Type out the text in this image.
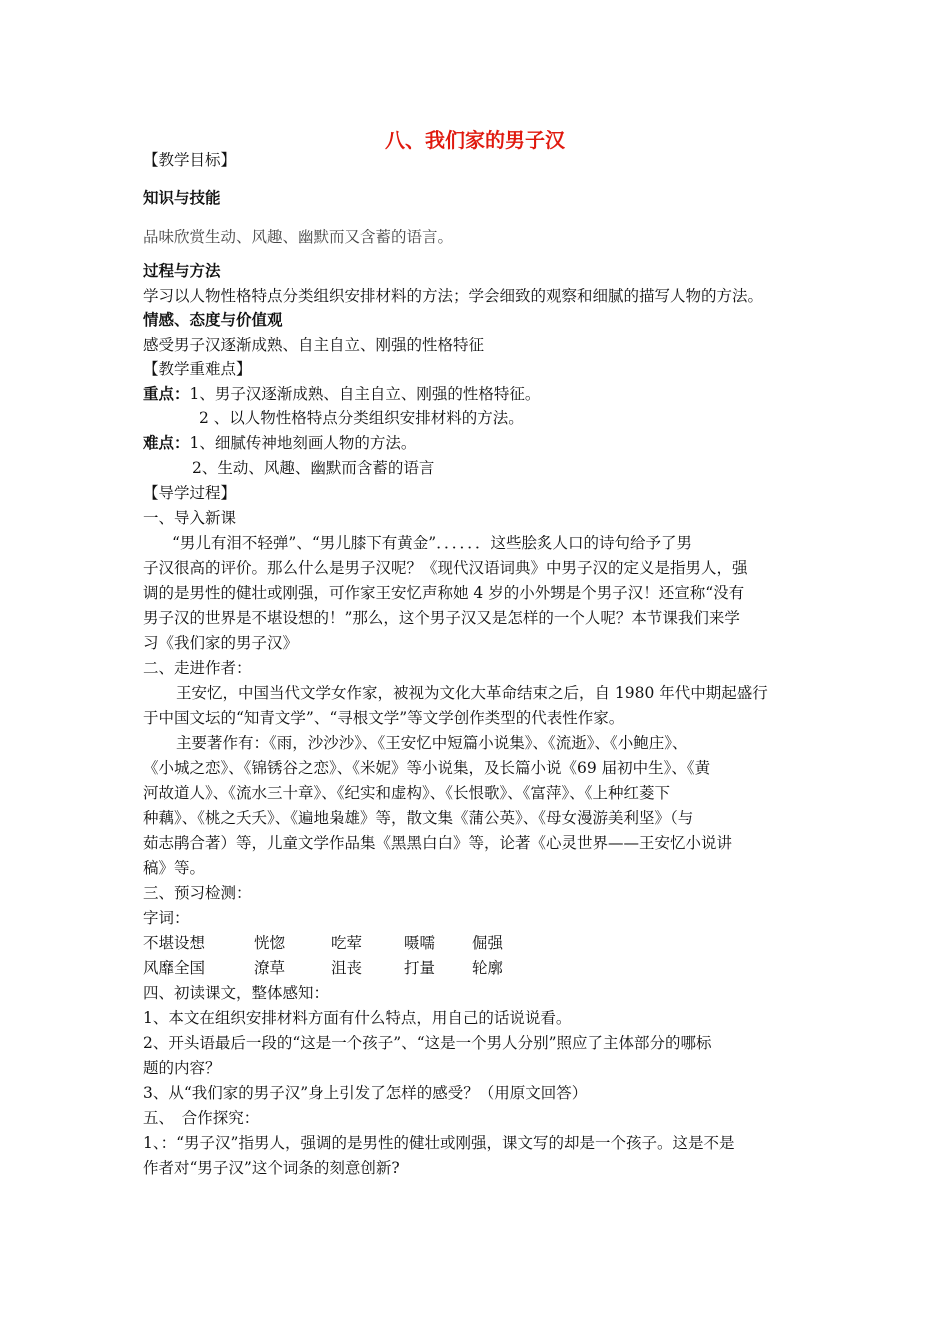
八、我们家的男子汉
【教学目标】
知识与技能
品味欣赏生动、风趣、幽默而又含蓄的语言。
过程与方法
学习以人物性格特点分类组织安排材料的方法；学会细致的观察和细腻的描写人物的方法。
情感、态度与价值观
感受男子汉逐渐成熟、自主自立、刚强的性格特征
【教学重难点】
重点：1、男子汉逐渐成熟、自主自立、刚强的性格特征。
2 、以人物性格特点分类组织安排材料的方法。
难点：1、细腻传神地刻画人物的方法。
2、生动、风趣、幽默而含蓄的语言
【导学过程】
一、导入新课
“男儿有泪不轻弹”、“男儿膝下有黄金”．．．．．．这些脍炙人口的诗句给予了男
子汉很高的评价。那么什么是男子汉呢？《现代汉语词典》中男子汉的定义是指男人，强
调的是男性的健壮或刚强，可作家王安忆声称她 4 岁的小外甥是个男子汉！还宣称“没有
男子汉的世界是不堪设想的！”那么，这个男子汉又是怎样的一个人呢？本节课我们来学
习《我们家的男子汉》
二、走进作者：
王安忆，中国当代文学女作家，被视为文化大革命结束之后，自 1980 年代中期起盛行
于中国文坛的“知青文学”、“寻根文学”等文学创作类型的代表性作家。
主要著作有：《雨，沙沙沙》、《王安忆中短篇小说集》、《流逝》、《小鲍庄》、
《小城之恋》、《锦锈谷之恋》、《米妮》等小说集，及长篇小说《69 届初中生》、《黄
河故道人》、《流水三十章》、《纪实和虚构》、《长恨歌》、《富萍》、《上种红菱下
种藕》、《桃之夭夭》、《遍地枭雄》等，散文集《蒲公英》、《母女漫游美利坚》（与
茹志鹃合著）等，儿童文学作品集《黑黑白白》等，论著《心灵世界——王安忆小说讲
稿》等。
三、预习检测：
字词：
不堪设想	恍惚	吃荤	嗫嚅 倔强
风靡全国	潦草	沮丧	打量 轮廓
四、初读课文，整体感知：
1、本文在组织安排材料方面有什么特点，用自己的话说说看。
2、开头语最后一段的“这是一个孩子”、“这是一个男人分别”照应了主体部分的哪标
题的内容？
3、从“我们家的男子汉”身上引发了怎样的感受？（用原文回答）
五、　合作探究：
1、：“男子汉”指男人，强调的是男性的健壮或刚强，课文写的却是一个孩子。这是不是
作者对“男子汉”这个词条的刻意创新?
